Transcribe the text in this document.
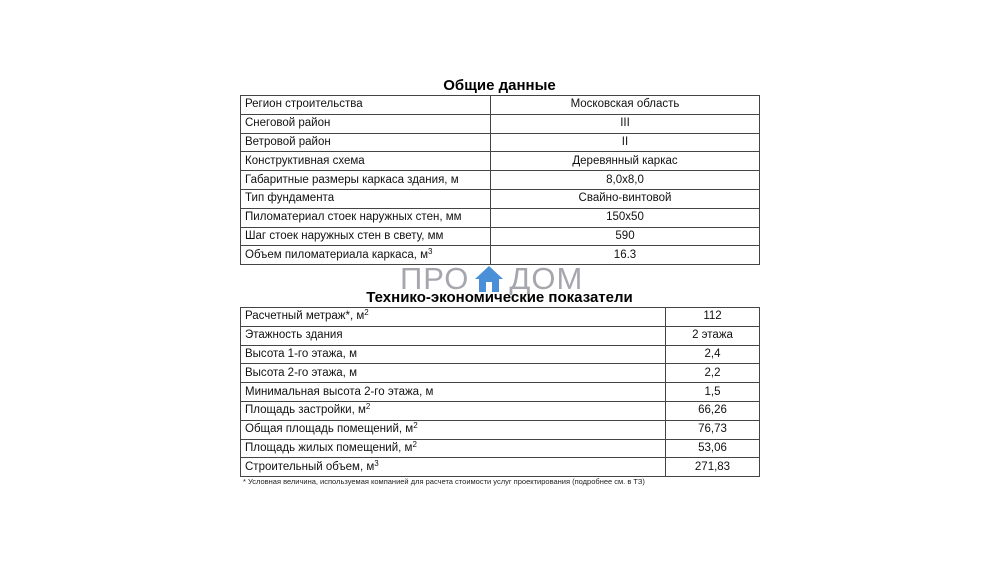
Общие данные
Регион строительства	Московская область
Снеговой район	III
Ветровой район	II
Конструктивная схема	Деревянный каркас
Габаритные размеры каркаса здания, м	8,0x8,0
Тип фундамента	Свайно-винтовой
Пиломатериал стоек наружных стен, мм	150x50
Шаг стоек наружных стен в свету, мм	590
Объем пиломатериала каркаса, $м^3$	16.3
ПРО ДОМ
Технико-экономические показатели
Расчетный метраж*, $м^2$	112
Этажность здания	2 этажа
Высота 1-го этажа, м	2,4
Высота 2-го этажа, м	2,2
Минимальная высота 2-го этажа, м	1,5
Площадь застройки, $м^2$	66,26
Общая площадь помещений, $м^2$	76,73
Площадь жилых помещений, $м^2$	53,06
Строительный объем, $м^3$	271,83
* Условная величина, используемая компанией для расчета стоимости услуг проектирования (подробнее см. в ТЗ)
